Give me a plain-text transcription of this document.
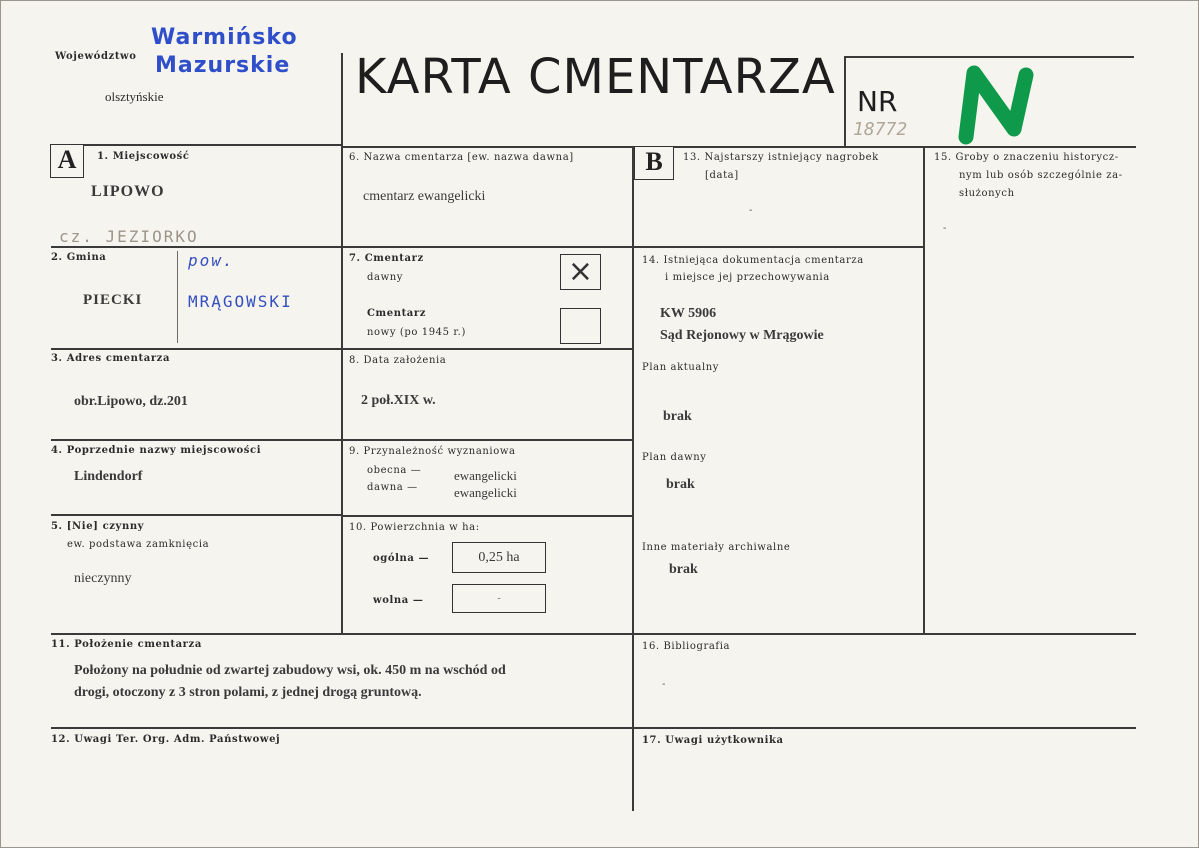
Województwo
Warmińsko
Mazurskie
olsztyńskie	KARTA CMENTARZA NR
18772
A	1. Miejscowość
LIPOWO
cz. JEZIORKO
2. Gmina	pow.
PIECKI	MRĄGOWSKI
3. Adres cmentarza
obr.Lipowo, dz.201
4. Poprzednie nazwy miejscowości
Lindendorf
5. [Nie] czynny
ew. podstawa zamknięcia
nieczynny
6. Nazwa cmentarza [ew. nazwa dawna]
cmentarz ewangelicki
7. Cmentarz
dawny	×
Cmentarz
nowy (po 1945 r.)
8. Data założenia
2 poł.XIX w.
9. Przynależność wyznaniowa
obecna —	ewangelicki
dawna —	ewangelicki
10. Powierzchnia w ha:
ogólna —	0,25 ha
wolna —	-
B	13. Najstarszy istniejący nagrobek
[data]
-
14. Istniejąca dokumentacja cmentarza
i miejsce jej przechowywania
KW 5906
Sąd Rejonowy w Mrągowie
Plan aktualny
brak
Plan dawny
brak
Inne materiały archiwalne
brak
15. Groby o znaczeniu historycz-
nym lub osób szczególnie za-
służonych
-
11. Położenie cmentarza
Położony na południe od zwartej zabudowy wsi, ok. 450 m na wschód od
drogi, otoczony z 3 stron polami, z jednej drogą gruntową.
16. Bibliografia
-
12. Uwagi Ter. Org. Adm. Państwowej	17. Uwagi użytkownika
